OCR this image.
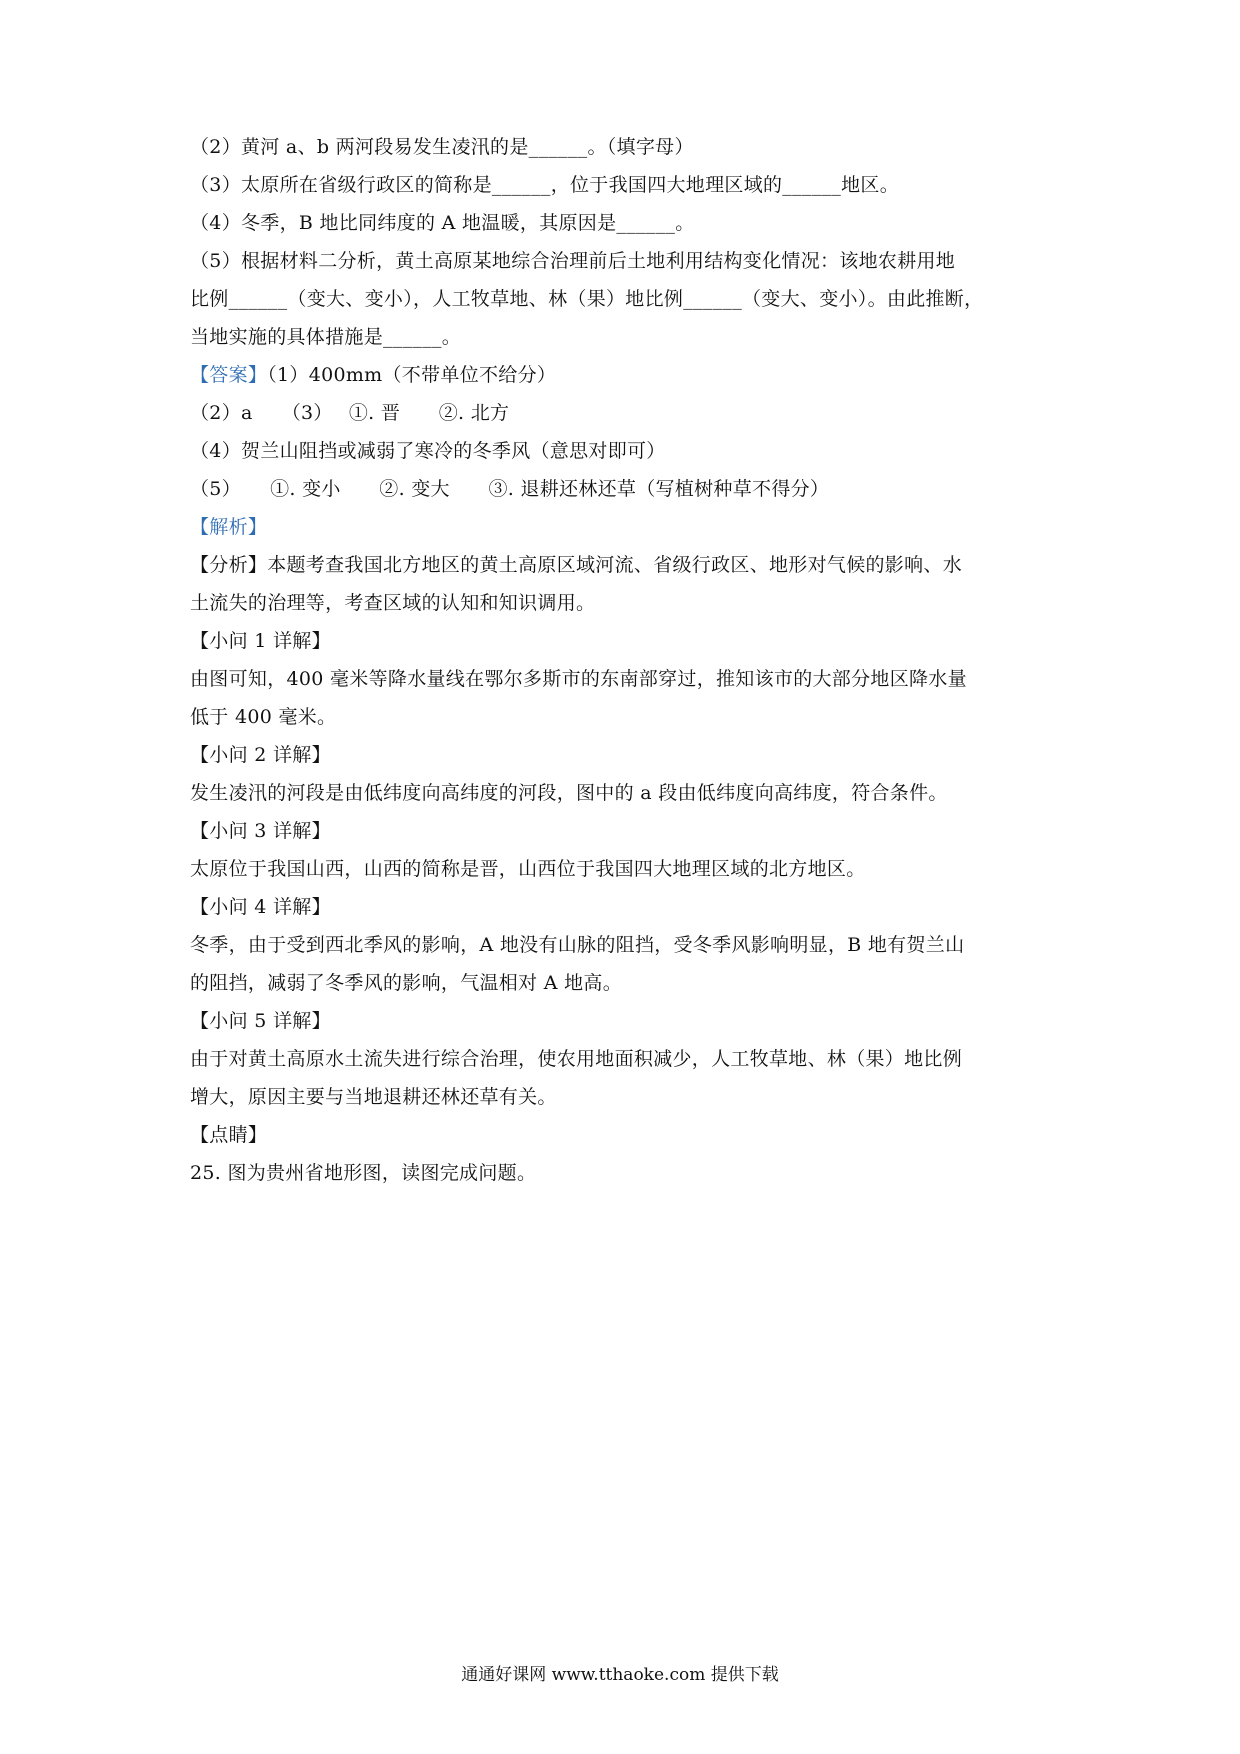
（2）黄河 a、b 两河段易发生凌汛的是______。（填字母）
（3）太原所在省级行政区的简称是______，位于我国四大地理区域的______地区。
（4）冬季，B 地比同纬度的 A 地温暖，其原因是______。
（5）根据材料二分析，黄土高原某地综合治理前后土地利用结构变化情况：该地农耕用地
比例______（变大、变小），人工牧草地、林（果）地比例______（变大、变小）。由此推断，
当地实施的具体措施是______。
【答案】（1）400mm（不带单位不给分）
（2）a　　（3）　 ①. 晋　　②. 北方
（4）贺兰山阻挡或减弱了寒冷的冬季风（意思对即可）
（5）　　①. 变小　　②. 变大　　③. 退耕还林还草（写植树种草不得分）
【解析】
【分析】本题考查我国北方地区的黄土高原区域河流、省级行政区、地形对气候的影响、水
土流失的治理等，考查区域的认知和知识调用。
【小问 1 详解】
由图可知，400 毫米等降水量线在鄂尔多斯市的东南部穿过，推知该市的大部分地区降水量
低于 400 毫米。
【小问 2 详解】
发生凌汛的河段是由低纬度向高纬度的河段，图中的 a 段由低纬度向高纬度，符合条件。
【小问 3 详解】
太原位于我国山西，山西的简称是晋，山西位于我国四大地理区域的北方地区。
【小问 4 详解】
冬季，由于受到西北季风的影响，A 地没有山脉的阻挡，受冬季风影响明显，B 地有贺兰山
的阻挡，减弱了冬季风的影响，气温相对 A 地高。
【小问 5 详解】
由于对黄土高原水土流失进行综合治理，使农用地面积减少，人工牧草地、林（果）地比例
增大，原因主要与当地退耕还林还草有关。
【点睛】
25. 图为贵州省地形图，读图完成问题。
通通好课网 www.tthaoke.com 提供下载
